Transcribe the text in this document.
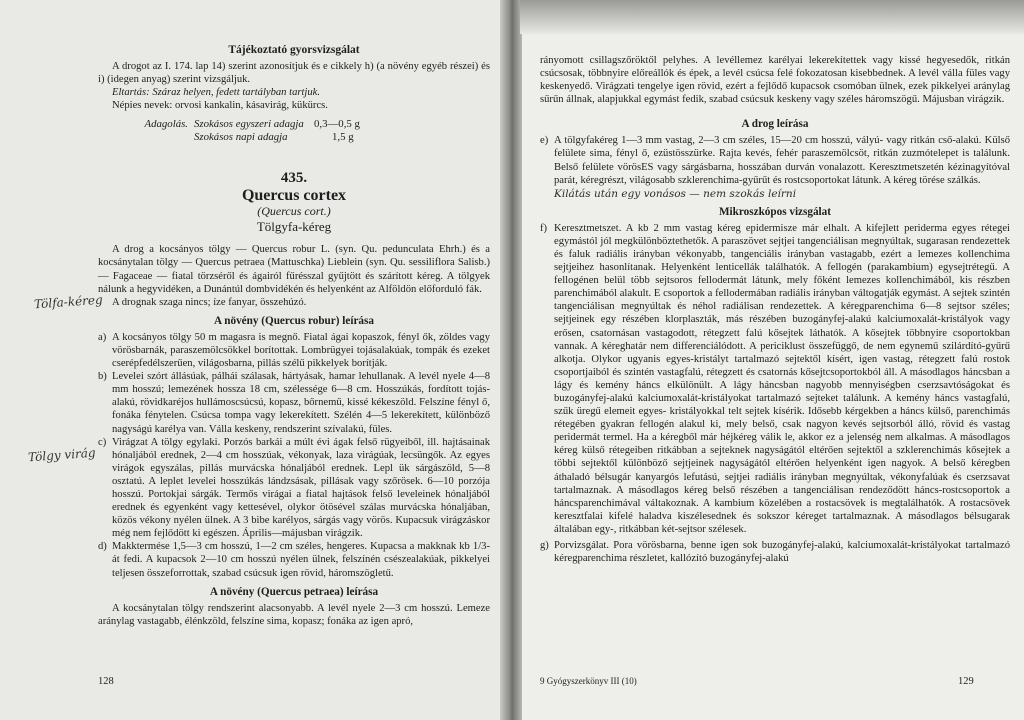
Tájékoztató gyorsvizsgálat

A drogot az I. 174. lap 14) szerint azonosítjuk és e cikkely h) (a növény egyéb részei) és i) (idegen anyag) szerint vizsgáljuk.

Eltartás: Száraz helyen, fedett tartályban tartjuk.

Népies nevek: orvosi kankalin, kásavirág, kükürcs.

Adagolás. Szokásos egyszeri adagja 0,3—0,5 g
Szokásos napi adagja	1,5 g
435.
Quercus cortex
(Quercus cort.)
Tölgyfa-kéreg

A drog a kocsányos tölgy — Quercus robur L. (syn. Qu. pedunculata Ehrh.) és a kocsánytalan tölgy — Quercus petraea (Mattuschka) Lieblein (syn. Qu. sessiliflora Salisb.) — Fagaceae — fiatal törzséről és ágairól fűrésszal gyűjtött és szárított kéreg. A tölgyek nálunk a hegyvidéken, a Dunántúl dombvidékén és helyenként az Alföldön előforduló fák.

A drognak szaga nincs; íze fanyar, összehúzó.

A növény (Quercus robur) leírása
a) A kocsányos tölgy 50 m magasra is megnő. Fiatal ágai kopaszok, fényl ők, zöldes vagy vörösbarnák, paraszemölcsökkel borítottak. Lombrügyei tojásalakúak, tompák és ezeket cserépfedélszerűen, világosbarna, pillás szélű pikkelyek borítják.
b) Levelei szórt állásúak, pálhái szálasak, hártyásak, hamar lehullanak. A levél nyele 4—8 mm hosszú; lemezének hossza 18 cm, szélessége 6—8 cm. Hosszúkás, fordított tojás-alakú, rövidkaréjos hullámoscsúcsú, kopasz, bőrnemű, kissé kékeszöld. Felszíne fényl ő, fonáka fénytelen. Csúcsa tompa vagy lekerekített. Szélén 4—5 lekerekített, különböző nagyságú karélya van. Válla keskeny, rendszerint szívalakú, füles.
c) Virágzat A tölgy egylaki. Porzós barkái a múlt évi ágak felső rügyeiből, ill. hajtásainak hónaljából erednek, 2—4 cm hosszúak, vékonyak, laza virágúak, lecsüngők. Az egyes virágok egyszálas, pillás murvácska hónaljából erednek. Lepl ük sárgászöld, 5—8 osztatú. A leplet levelei hosszúkás lándzsásak, pillásak vagy szőrösek. 6—10 porzója hosszú. Portokjai sárgák. Termős virágai a fiatal hajtások felső leveleinek hónaljából erednek és egyenként vagy kettesével, olykor ötösével szálas murvácska hónaljában, közös vékony nyélen ülnek. A 3 bibe karélyos, sárgás vagy vörös. Kupacsuk virágzáskor még nem fejlődött ki egészen. Április—májusban virágzik.
d) Makktermése 1,5—3 cm hosszú, 1—2 cm széles, hengeres. Kupacsa a makknak kb 1/3-át fedi. A kupacsok 2—10 cm hosszú nyélen ülnek, felszínén csészealakúak, pikkelyei teljesen összeforrottak, szabad csúcsuk igen rövid, háromszögletű.
A növény (Quercus petraea) leírása

A kocsánytalan tölgy rendszerint alacsonyabb. A levél nyele 2—3 cm hosszú. Lemeze aránylag vastagabb, élénkzöld, felszíne sima, kopasz; fonáka az igen apró,

Tölfa-kéreg
Tölgy virág
128

rányomott csillagszőröktől pelyhes. A levéllemez karélyai lekerekítettek vagy kissé hegyesedők, ritkán csúcsosak, többnyire előreállók és épek, a levél csúcsa felé fokozatosan kisebbednek. A levél válla füles vagy keskenyedő. Virágzati tengelye igen rövid, ezért a fejlődő kupacsok csomóban ülnek, ezek pikkelyei aránylag sűrűn állnak, alapjukkal egymást fedik, szabad csúcsuk keskeny vagy széles háromszögű. Májusban virágzik.

A drog leírása
e) A tölgyfakéreg 1—3 mm vastag, 2—3 cm széles, 15—20 cm hosszú, vályú- vagy ritkán cső-alakú. Külső felülete sima, fényl ő, ezüstösszürke. Rajta kevés, fehér paraszemölcsöt, ritkán zuzmótelepet is találunk. Belső felülete vörösES vagy sárgásbarna, hosszában durván vonalazott. Keresztmetszetén kézinagyítóval parát, kéregrészt, világosabb szklerenchima-gyűrűt és rostcsoportokat látunk. A kéreg törése szálkás.
Kilátás után egy vonásos — nem szokás leírni
Mikroszkópos vizsgálat
f) Keresztmetszet. A kb 2 mm vastag kéreg epidermisze már elhalt. A kifejlett periderma egyes rétegei egymástól jól megkülönböztethetők. A paraszövet sejtjei tangenciálisan megnyúltak, sugarasan rendezettek és faluk radiális irányban vékonyabb, tangenciális irányban vastagabb, ezért a lemezes kollenchima sejtjeihez hasonlítanak. Helyenként lenticellák találhatók. A fellogén (parakambium) egysejtrétegű. A fellogénen belül több sejtsoros fellodermát látunk, mely főként lemezes kollenchimából, kis részben parenchimából alakult. E csoportok a fellodermában radiális irányban váltogatják egymást. A sejtek szintén tangenciálisan megnyúltak és néhol radiálisan rendezettek. A kéregparenchima 6—8 sejtsor széles; sejtjeinek egy részében klorplaszták, más részében buzogányfej-alakú kalciumoxalát-kristályok vagy erősen, csatornásan vastagodott, rétegzett falú kősejtek láthatók. A kősejtek többnyire csoportokban vannak. A kéreghatár nem differenciálódott. A periciklust összefüggő, de nem egynemű szilárdító-gyűrű alkotja. Olykor ugyanis egyes-kristályt tartalmazó sejtektől kísért, igen vastag, rétegzett falú rostok csoportjaiból és szintén vastagfalú, rétegzett és csatornás kősejtcsoportokból áll. A másodlagos háncsban a lágy és kemény háncs elkülönült. A lágy háncsban nagyobb mennyiségben cserzsavtóságokat és buzogányfej-alakú kalciumoxalát-kristályokat tartalmazó sejteket találunk. A kemény háncs vastagfalú, szűk üregű elemeit egyes- kristályokkal telt sejtek kísérik. Idősebb kérgekben a háncs külső, parenchimás rétegében gyakran fellogén alakul ki, mely belső, csak nagyon kevés sejtsorból álló, rövid és vastag peridermát termel. Ha a kéregből már héjkéreg válik le, akkor ez a jelenség nem alkalmas. A másodlagos kéreg külső rétegeiben ritkábban a sejteknek nagyságától eltérően sejtektől a szklerenchimás kősejtek a többi sejtektől különböző sejtjeinek nagyságától eltérően helyenként igen nagyok. A belső kéregben áthaladó bélsugár kanyargós lefutású, sejtjei radiális irányban megnyúltak, vékonyfalúak és cserzsavat tartalmaznak. A másodlagos kéreg belső részében a tangenciálisan rendeződött háncs-rostcsoportok a háncsparenchimával váltakoznak. A kambium közelében a rostacsövek is megtalálhatók. A rostacsövek keresztfalai kifelé haladva kiszélesednek és sokszor kéreget tartalmaznak. A másodlagos bélsugarak általában egy-, ritkábban két-sejtsor szélesek.
g) Porvizsgálat. Pora vörösbarna, benne igen sok buzogányfej-alakú, kalciumoxalát-kristályokat tartalmazó kéregparenchima részletet, kallózító buzogányfej-alakú
9 Gyógyszerkönyv III (10)	129
